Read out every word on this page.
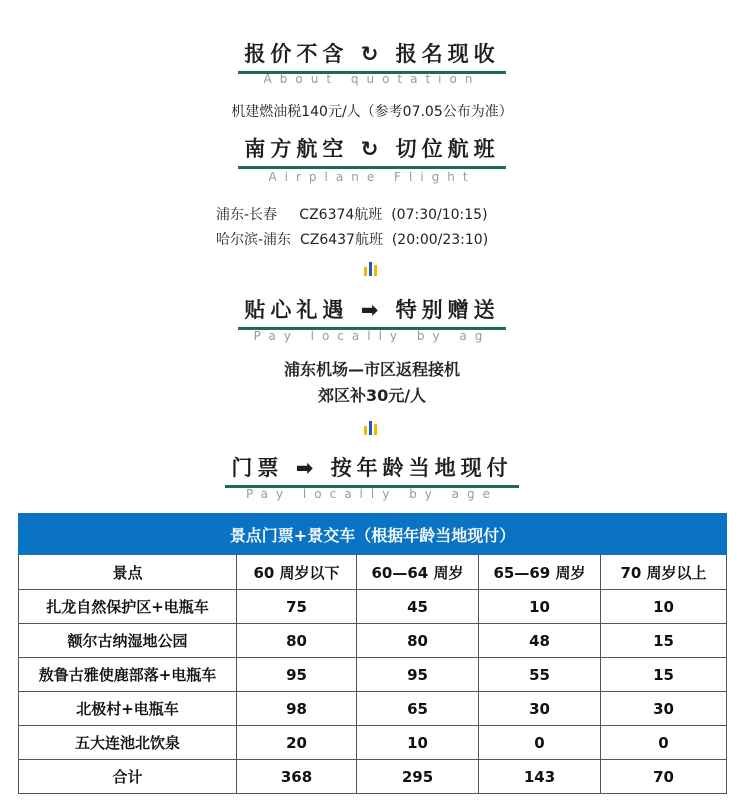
报价不含 ↻ 报名现收
About quotation
机建燃油税140元/人（参考07.05公布为准）
南方航空 ↻ 切位航班
Airplane Flight
浦东-长春     CZ6374航班  (07:30/10:15)
哈尔滨-浦东  CZ6437航班  (20:00/23:10)
贴心礼遇 ➡ 特别赠送
Pay locally by ag
浦东机场—市区返程接机
郊区补30元/人
门票 ➡ 按年龄当地现付
Pay locally by age
景点门票+景交车（根据年龄当地现付）				
景点	60 周岁以下	60—64 周岁	65—69 周岁	70 周岁以上
扎龙自然保护区+电瓶车	75	45	10	10
额尔古纳湿地公园	80	80	48	15
敖鲁古雅使鹿部落+电瓶车	95	95	55	15
北极村+电瓶车	98	65	30	30
五大连池北饮泉	20	10	0	0
合计	368	295	143	70
